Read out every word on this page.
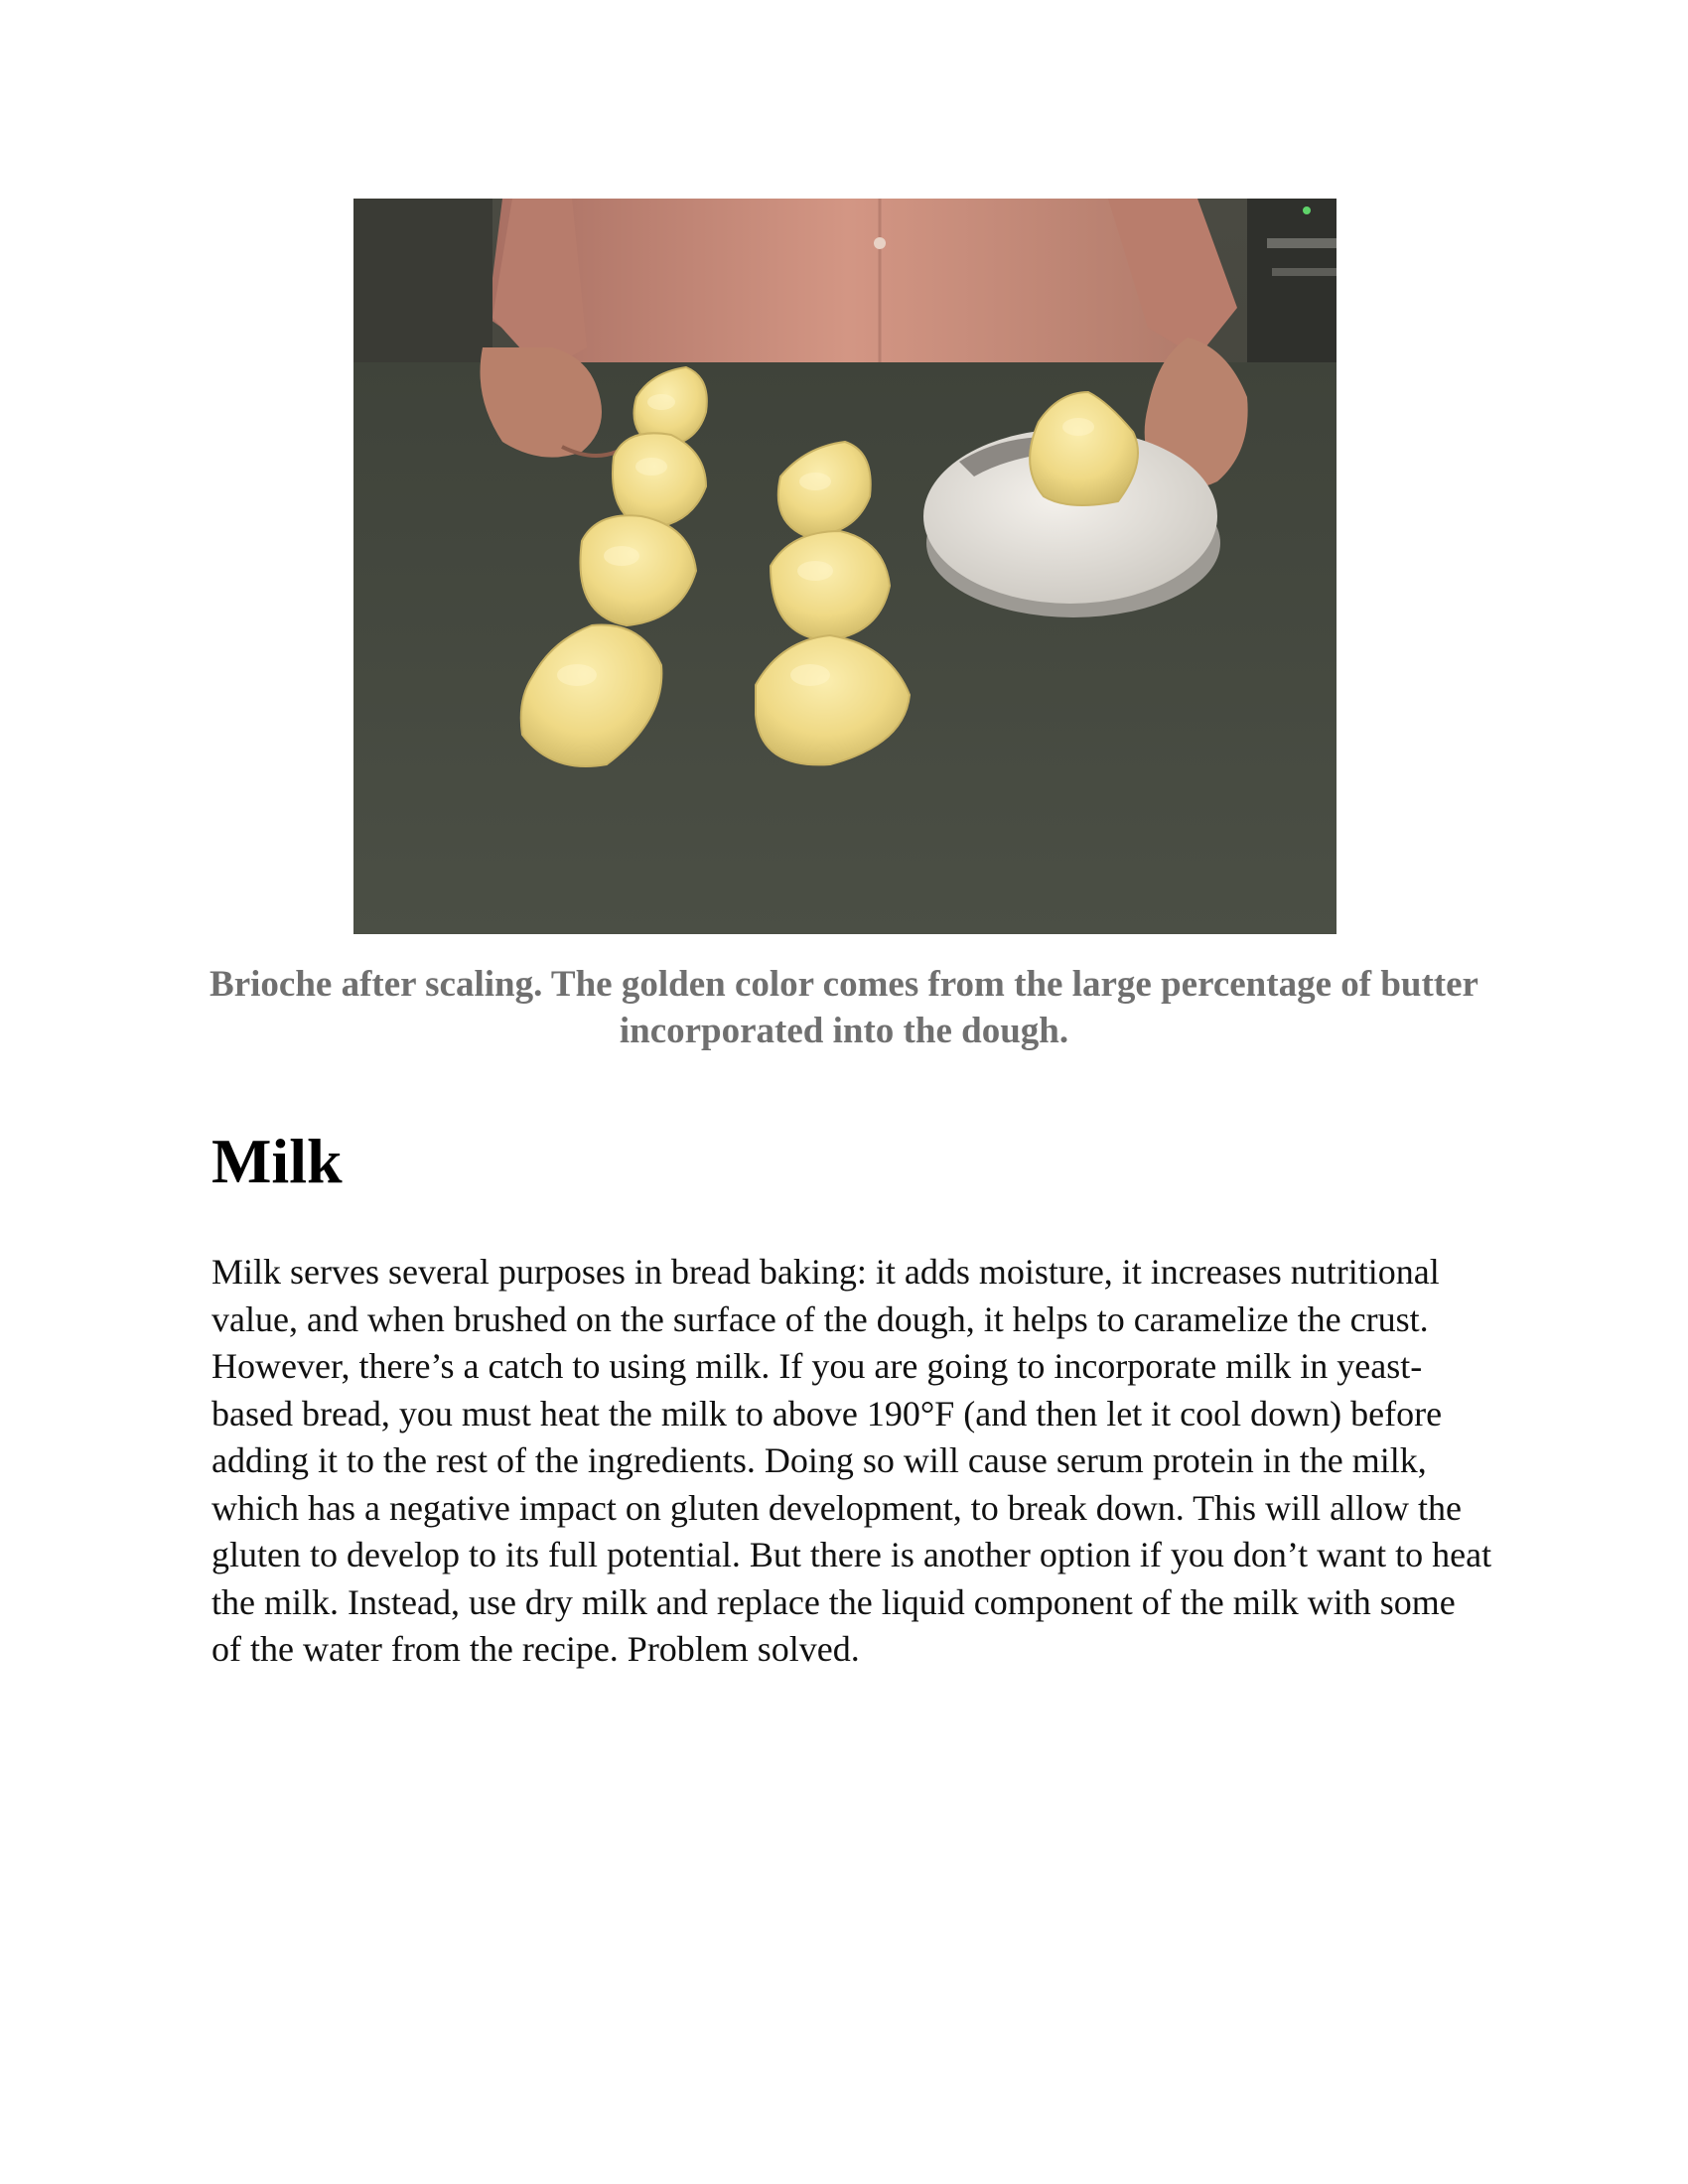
Brioche after scaling. The golden color comes from the large percentage of butter incorporated into the dough.

Milk

Milk serves several purposes in bread baking: it adds moisture, it increases nutritional value, and when brushed on the surface of the dough, it helps to caramelize the crust. However, there’s a catch to using milk. If you are going to incorporate milk in yeast-based bread, you must heat the milk to above 190°F (and then let it cool down) before adding it to the rest of the ingredients. Doing so will cause serum protein in the milk, which has a negative impact on gluten development, to break down. This will allow the gluten to develop to its full potential. But there is another option if you don’t want to heat the milk. Instead, use dry milk and replace the liquid component of the milk with some of the water from the recipe. Problem solved.
